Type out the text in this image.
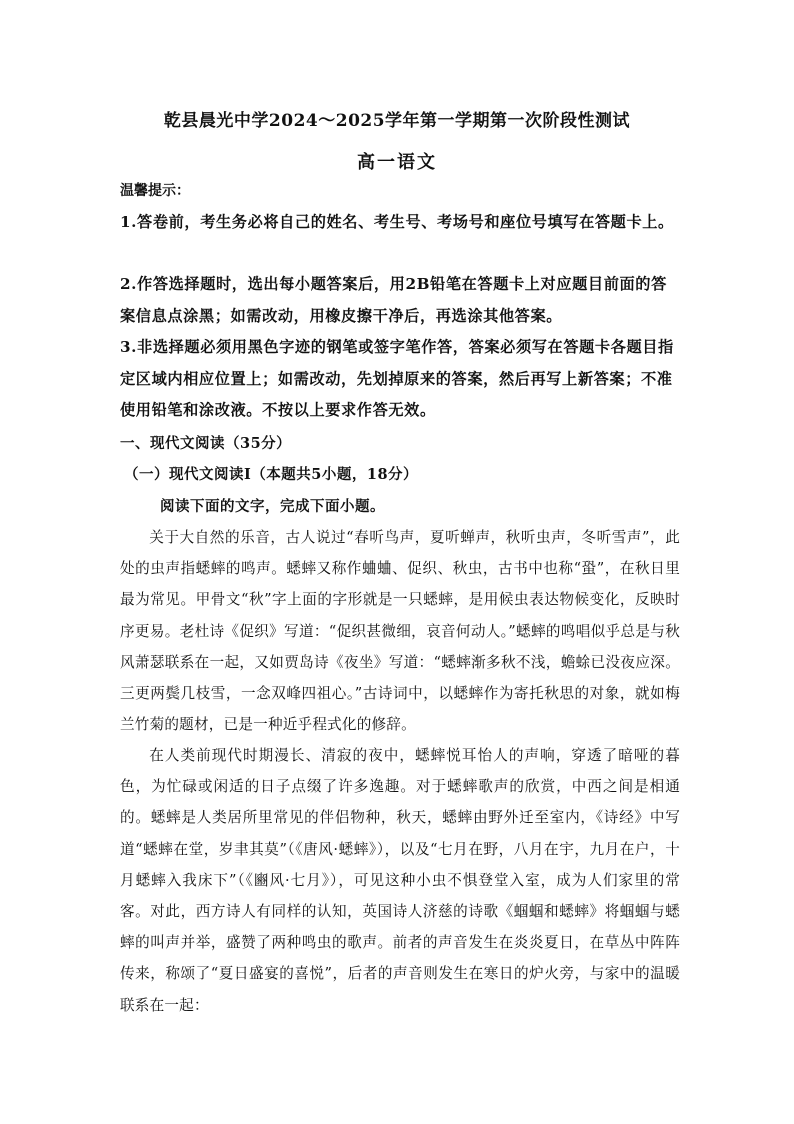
乾县晨光中学2024～2025学年第一学期第一次阶段性测试
高一语文
温馨提示：
1.答卷前，考生务必将自己的姓名、考生号、考场号和座位号填写在答题卡上。
2.作答选择题时，选出每小题答案后，用2B铅笔在答题卡上对应题目前面的答案信息点涂黑；如需改动，用橡皮擦干净后，再选涂其他答案。
3.非选择题必须用黑色字迹的钢笔或签字笔作答，答案必须写在答题卡各题目指定区域内相应位置上；如需改动，先划掉原来的答案，然后再写上新答案；不准使用铅笔和涂改液。不按以上要求作答无效。
一、现代文阅读（35分）
（一）现代文阅读Ⅰ（本题共5小题，18分）
阅读下面的文字，完成下面小题。
关于大自然的乐音，古人说过“春听鸟声，夏听蝉声，秋听虫声，冬听雪声”，此处的虫声指蟋蟀的鸣声。蟋蟀又称作蛐蛐、促织、秋虫，古书中也称“蛩”，在秋日里最为常见。甲骨文“秋”字上面的字形就是一只蟋蟀，是用候虫表达物候变化，反映时序更易。老杜诗《促织》写道：“促织甚微细，哀音何动人。”蟋蟀的鸣唱似乎总是与秋风萧瑟联系在一起，又如贾岛诗《夜坐》写道：“蟋蟀渐多秋不浅，蟾蜍已没夜应深。三更两鬓几枝雪，一念双峰四祖心。”古诗词中，以蟋蟀作为寄托秋思的对象，就如梅兰竹菊的题材，已是一种近乎程式化的修辞。
在人类前现代时期漫长、清寂的夜中，蟋蟀悦耳怡人的声响，穿透了暗哑的暮色，为忙碌或闲适的日子点缀了许多逸趣。对于蟋蟀歌声的欣赏，中西之间是相通的。蟋蟀是人类居所里常见的伴侣物种，秋天，蟋蟀由野外迁至室内，《诗经》中写道“蟋蟀在堂，岁聿其莫”（《唐风·蟋蟀》），以及“七月在野，八月在宇，九月在户，十月蟋蟀入我床下”（《豳风·七月》），可见这种小虫不惧登堂入室，成为人们家里的常客。对此，西方诗人有同样的认知，英国诗人济慈的诗歌《蝈蝈和蟋蟀》将蝈蝈与蟋蟀的叫声并举，盛赞了两种鸣虫的歌声。前者的声音发生在炎炎夏日，在草丛中阵阵传来，称颂了“夏日盛宴的喜悦”，后者的声音则发生在寒日的炉火旁，与家中的温暖联系在一起：
